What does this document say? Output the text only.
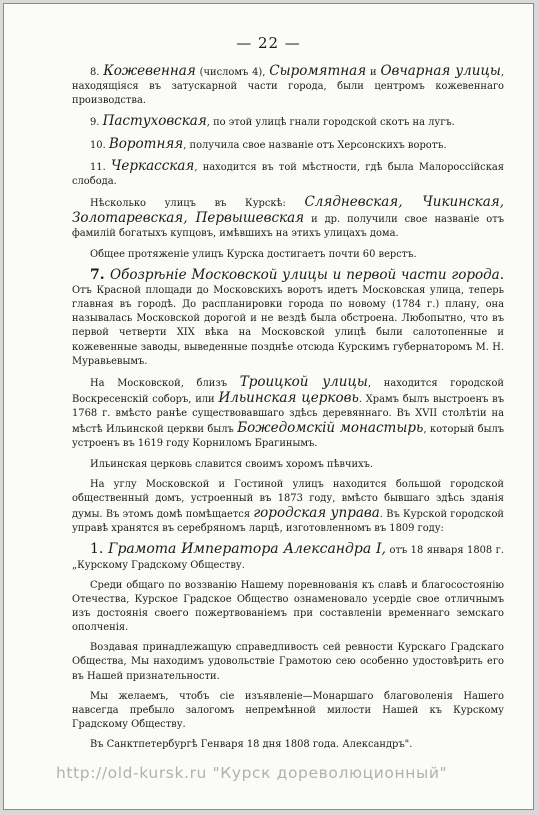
— 22 —

8. Кожевенная (числомъ 4), Сыромятная и Овчарная улицы, находящіяся въ затускарной части города, были центромъ кожевеннаго производства.

9. Пастуховская, по этой улицѣ гнали городской скотъ на лугъ.

10. Воротняя, получила свое названіе отъ Херсонскихъ воротъ.

11. Черкасская, находится въ той мѣстности, гдѣ была Малороссійская слобода.

Нѣсколько улицъ въ Курскѣ: Слядневская, Чикинская, Золотаревская, Первышевская и др. получили свое названіе отъ фамилій богатыхъ купцовъ, имѣвшихъ на этихъ улицахъ дома.

Общее протяженіе улицъ Курска достигаетъ почти 60 верстъ.

7. Обозрѣніе Московской улицы и первой части города. Отъ Красной площади до Московскихъ воротъ идетъ Московская улица, теперь главная въ городѣ. До распланировки города по новому (1784 г.) плану, она называлась Московской дорогой и не вездѣ была обстроена. Любопытно, что въ первой четверти XIX вѣка на Московской улицѣ были салотопенные и кожевенные заводы, выведенные позднѣе отсюда Курскимъ губернаторомъ М. Н. Муравьевымъ.

На Московской, близъ Троицкой улицы, находится городской Воскресенскій соборъ, или Ильинская церковь. Храмъ былъ выстроенъ въ 1768 г. вмѣсто ранѣе существовавшаго здѣсь деревяннаго. Въ XVII столѣтіи на мѣстѣ Ильинской церкви былъ Божедомскій монастырь, который былъ устроенъ въ 1619 году Корниломъ Брагинымъ.

Ильинская церковь славится своимъ хоромъ пѣвчихъ.

На углу Московской и Гостиной улицъ находится большой городской общественный домъ, устроенный въ 1873 году, вмѣсто бывшаго здѣсь зданія думы. Въ этомъ домѣ помѣщается городская управа. Въ Курской городской управѣ хранятся въ серебряномъ ларцѣ, изготовленномъ въ 1809 году:

1. Грамота Императора Александра I, отъ 18 января 1808 г. „Курскому Градскому Обществу.

Среди общаго по воззванію Нашему поревнованія къ славѣ и благосостоянію Отечества, Курское Градское Общество ознаменовало усердіе свое отличнымъ изъ достоянія своего пожертвованіемъ при составленіи временнаго земскаго ополченія.

Воздавая принадлежащую справедливость сей ревности Курскаго Градскаго Общества, Мы находимъ удовольствіе Грамотою сею особенно удостовѣрить его въ Нашей признательности.

Мы желаемъ, чтобъ сіе изъявленіе—Монаршаго благоволенія Нашего навсегда пребыло залогомъ непремѣнной милости Нашей къ Курскому Градскому Обществу.

Въ Санктпетербургѣ Генваря 18 дня 1808 года. Александръ".

http://old-kursk.ru "Курск дореволюционный"
